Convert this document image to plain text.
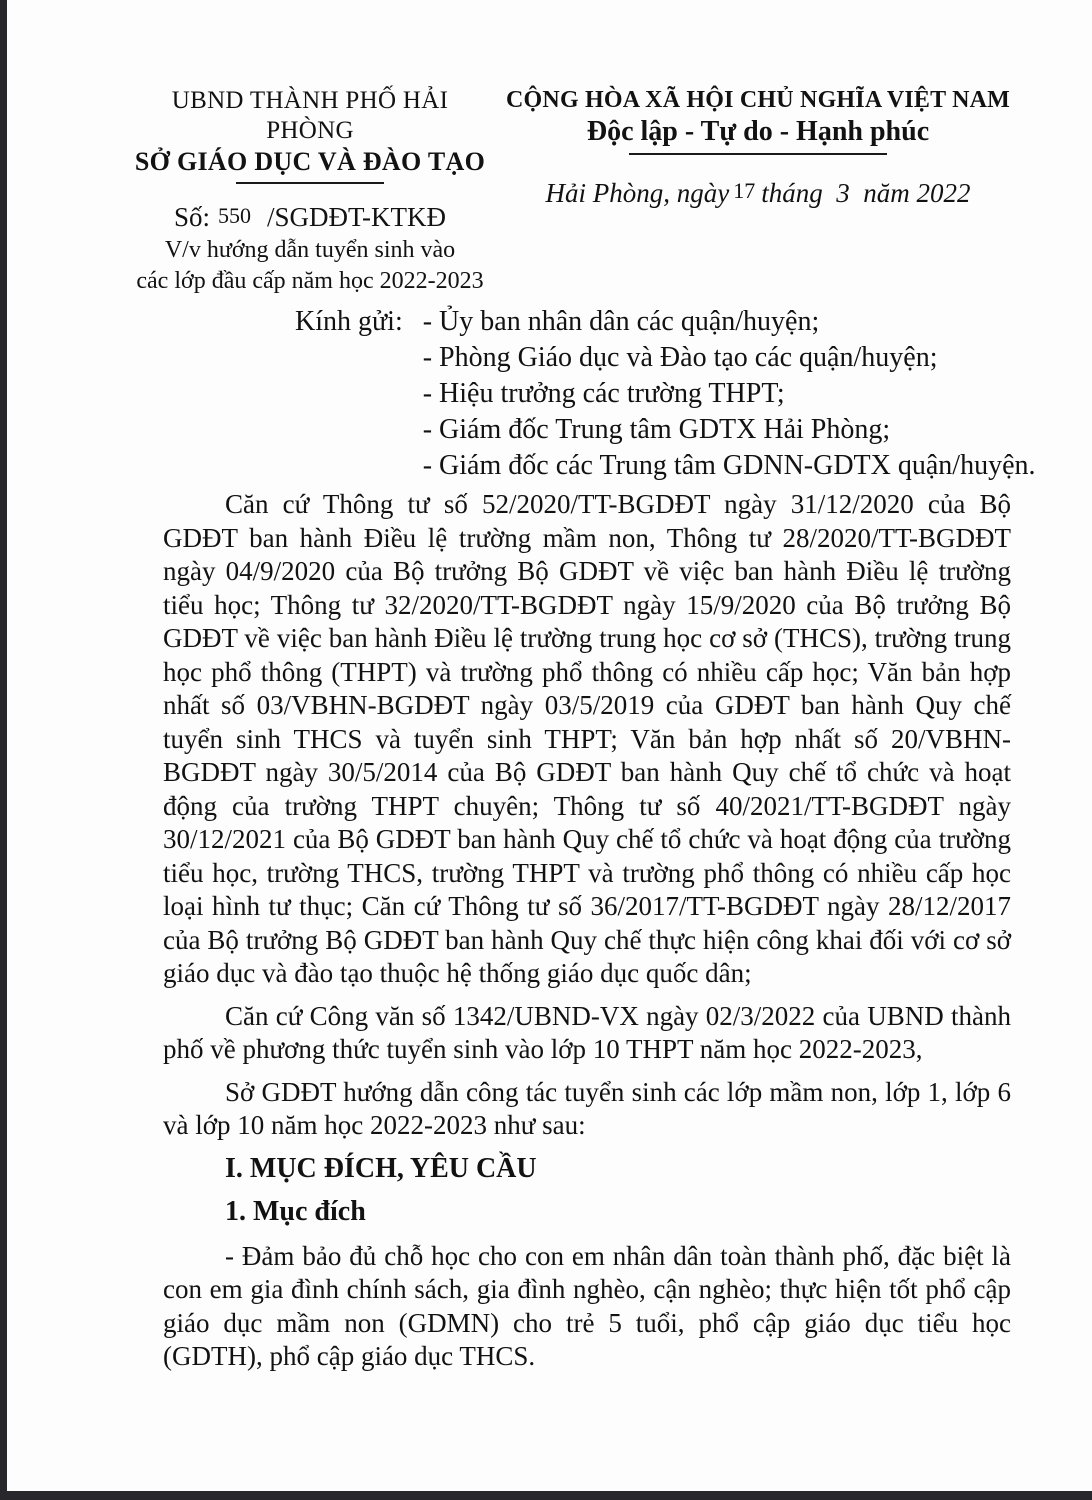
UBND THÀNH PHỐ HẢI PHÒNG
SỞ GIÁO DỤC VÀ ĐÀO TẠO
Số: 550 /SGDĐT-KTKĐ
V/v hướng dẫn tuyển sinh vào
các lớp đầu cấp năm học 2022-2023
CỘNG HÒA XÃ HỘI CHỦ NGHĨA VIỆT NAM
Độc lập - Tự do - Hạnh phúc
Hải Phòng, ngày 17 tháng  3  năm 2022
Kính gửi: - Ủy ban nhân dân các quận/huyện;
- Phòng Giáo dục và Đào tạo các quận/huyện;
- Hiệu trưởng các trường THPT;
- Giám đốc Trung tâm GDTX Hải Phòng;
- Giám đốc các Trung tâm GDNN-GDTX quận/huyện.

Căn cứ Thông tư số 52/2020/TT-BGDĐT ngày 31/12/2020 của Bộ GDĐT ban hành Điều lệ trường mầm non, Thông tư 28/2020/TT-BGDĐT ngày 04/9/2020 của Bộ trưởng Bộ GDĐT về việc ban hành Điều lệ trường tiểu học; Thông tư 32/2020/TT-BGDĐT ngày 15/9/2020 của Bộ trưởng Bộ GDĐT về việc ban hành Điều lệ trường trung học cơ sở (THCS), trường trung học phổ thông (THPT) và trường phổ thông có nhiều cấp học; Văn bản hợp nhất số 03/VBHN-BGDĐT ngày 03/5/2019 của GDĐT ban hành Quy chế tuyển sinh THCS và tuyển sinh THPT; Văn bản hợp nhất số 20/VBHN-BGDĐT ngày 30/5/2014 của Bộ GDĐT ban hành Quy chế tổ chức và hoạt động của trường THPT chuyên; Thông tư số 40/2021/TT-BGDĐT ngày 30/12/2021 của Bộ GDĐT ban hành Quy chế tổ chức và hoạt động của trường tiểu học, trường THCS, trường THPT và trường phổ thông có nhiều cấp học loại hình tư thục; Căn cứ Thông tư số 36/2017/TT-BGDĐT ngày 28/12/2017 của Bộ trưởng Bộ GDĐT ban hành Quy chế thực hiện công khai đối với cơ sở giáo dục và đào tạo thuộc hệ thống giáo dục quốc dân;

Căn cứ Công văn số 1342/UBND-VX ngày 02/3/2022 của UBND thành phố về phương thức tuyển sinh vào lớp 10 THPT năm học 2022-2023,

Sở GDĐT hướng dẫn công tác tuyển sinh các lớp mầm non, lớp 1, lớp 6 và lớp 10 năm học 2022-2023 như sau:

I. MỤC ĐÍCH, YÊU CẦU
1. Mục đích

- Đảm bảo đủ chỗ học cho con em nhân dân toàn thành phố, đặc biệt là con em gia đình chính sách, gia đình nghèo, cận nghèo; thực hiện tốt phổ cập giáo dục mầm non (GDMN) cho trẻ 5 tuổi, phổ cập giáo dục tiểu học (GDTH), phổ cập giáo dục THCS.
